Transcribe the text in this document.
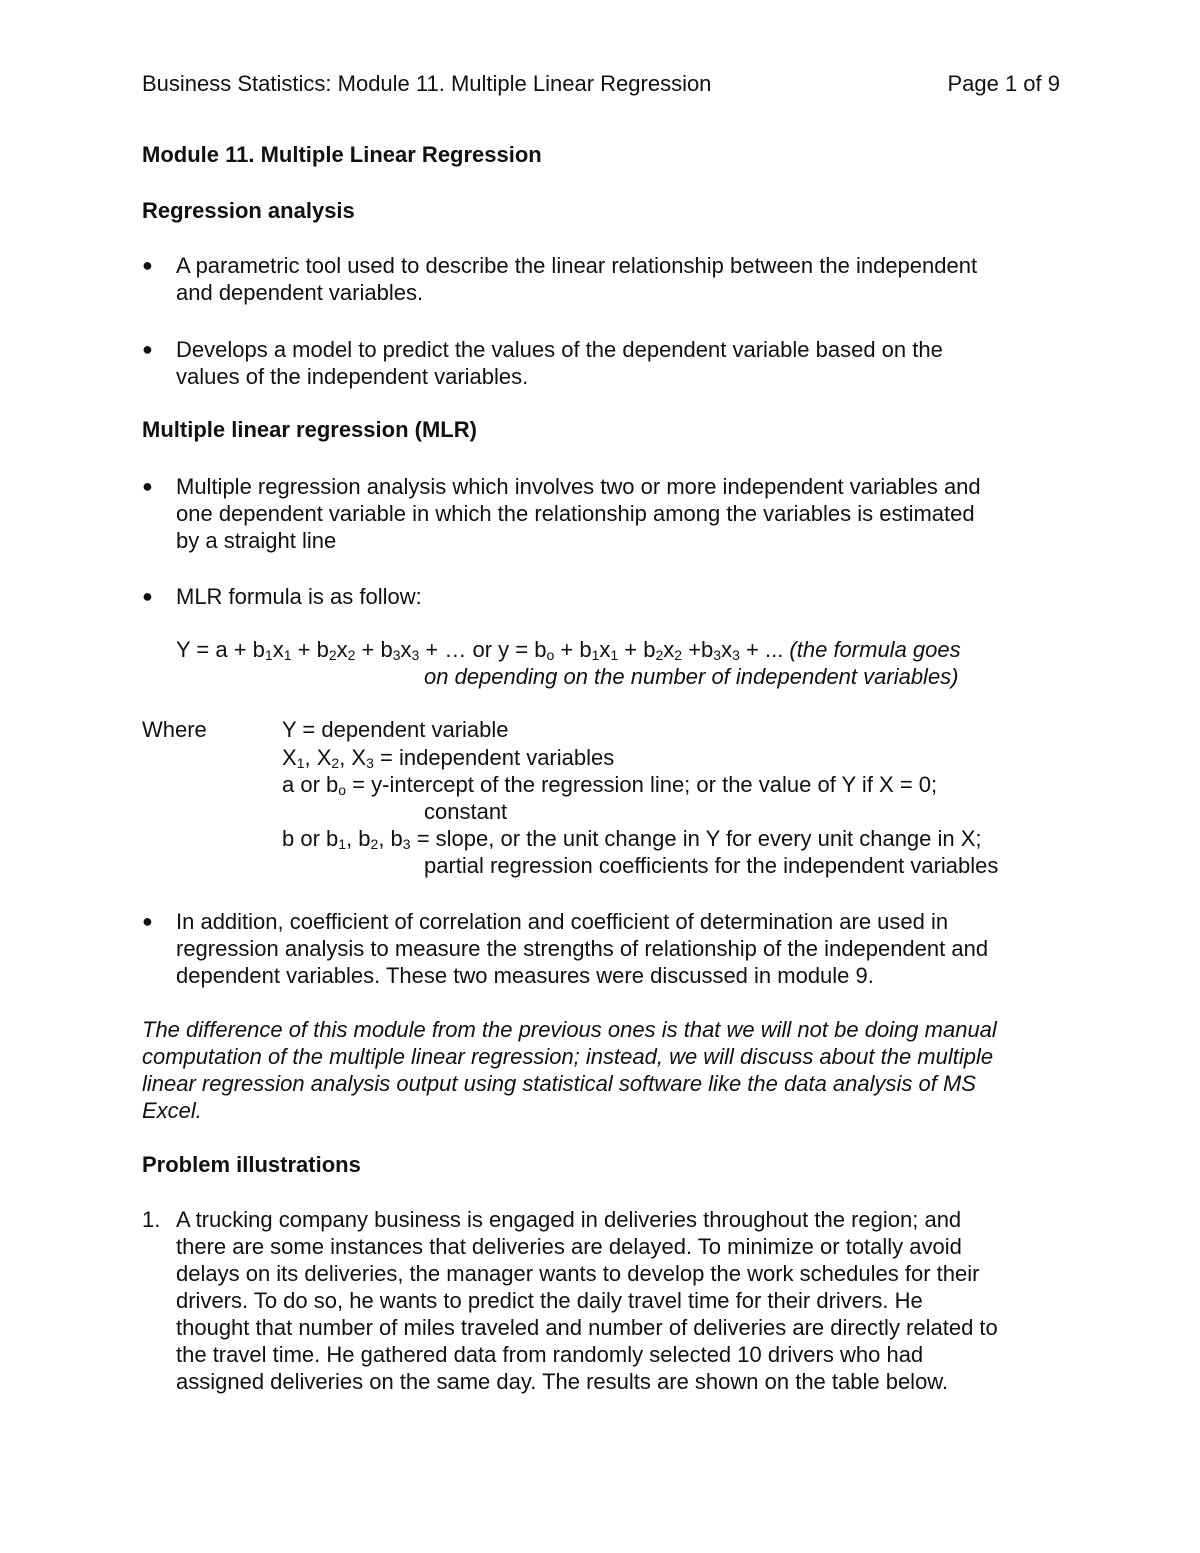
Business Statistics: Module 11. Multiple Linear Regression	Page 1 of 9
Module 11. Multiple Linear Regression
Regression analysis
● A parametric tool used to describe the linear relationship between the independent
and dependent variables.
● Develops a model to predict the values of the dependent variable based on the
values of the independent variables.
Multiple linear regression (MLR)
● Multiple regression analysis which involves two or more independent variables and
one dependent variable in which the relationship among the variables is estimated
by a straight line
● MLR formula is as follow:
$Y = a + b_1x_1 + b_2x_2 + b_3x_3$ + … or $y = b_o + b_1x_1 + b_2x_2 +b_3x_3$ + ... (the formula goes
on depending on the number of independent variables)
Where	Y = dependent variable
$X_1$, $X_2$, $X_3$ = independent variables
a or $b_o$ = y-intercept of the regression line; or the value of Y if X = 0;
constant
b or $b_1$, $b_2$, $b_3$ = slope, or the unit change in Y for every unit change in X;
partial regression coefficients for the independent variables
● In addition, coefficient of correlation and coefficient of determination are used in
regression analysis to measure the strengths of relationship of the independent and
dependent variables. These two measures were discussed in module 9.
The difference of this module from the previous ones is that we will not be doing manual
computation of the multiple linear regression; instead, we will discuss about the multiple
linear regression analysis output using statistical software like the data analysis of MS
Excel.
Problem illustrations
1. A trucking company business is engaged in deliveries throughout the region; and
there are some instances that deliveries are delayed. To minimize or totally avoid
delays on its deliveries, the manager wants to develop the work schedules for their
drivers. To do so, he wants to predict the daily travel time for their drivers. He
thought that number of miles traveled and number of deliveries are directly related to
the travel time. He gathered data from randomly selected 10 drivers who had
assigned deliveries on the same day. The results are shown on the table below.
